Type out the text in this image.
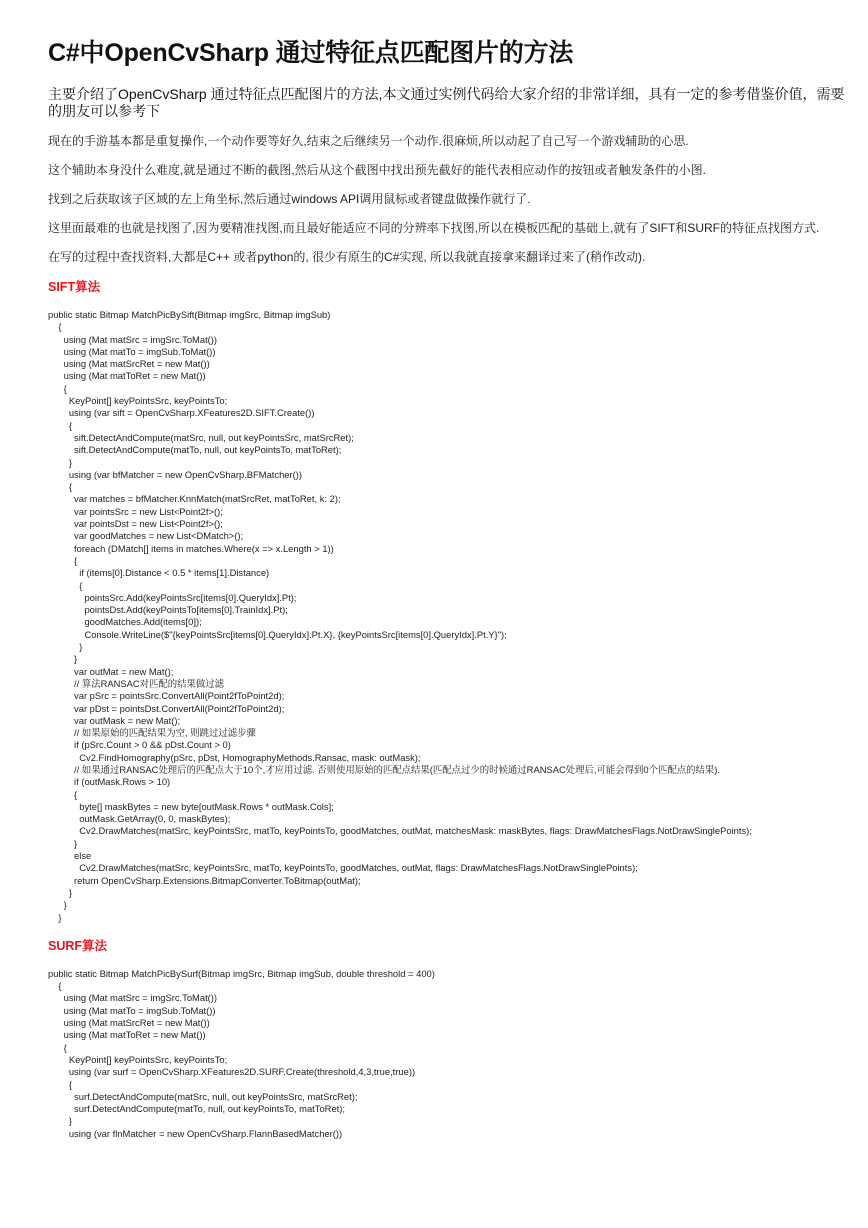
C#中OpenCvSharp 通过特征点匹配图片的方法
主要介绍了OpenCvSharp 通过特征点匹配图片的方法,本文通过实例代码给大家介绍的非常详细，具有一定的参考借鉴价值，需要的朋友可以参考下
现在的手游基本都是重复操作,一个动作要等好久,结束之后继续另一个动作.很麻烦,所以动起了自己写一个游戏辅助的心思.
这个辅助本身没什么难度,就是通过不断的截图,然后从这个截图中找出预先截好的能代表相应动作的按钮或者触发条件的小图.
找到之后获取该子区域的左上角坐标,然后通过windows API调用鼠标或者键盘做操作就行了.
这里面最难的也就是找图了,因为要精准找图,而且最好能适应不同的分辨率下找图,所以在模板匹配的基础上,就有了SIFT和SURF的特征点找图方式.
在写的过程中查找资料,大都是C++ 或者python的, 很少有原生的C#实现, 所以我就直接拿来翻译过来了(稍作改动).
SIFT算法
public static Bitmap MatchPicBySift(Bitmap imgSrc, Bitmap imgSub)
{
using (Mat matSrc = imgSrc.ToMat())
using (Mat matTo = imgSub.ToMat())
using (Mat matSrcRet = new Mat())
using (Mat matToRet = new Mat())
{
KeyPoint[] keyPointsSrc, keyPointsTo;
using (var sift = OpenCvSharp.XFeatures2D.SIFT.Create())
{
sift.DetectAndCompute(matSrc, null, out keyPointsSrc, matSrcRet);
sift.DetectAndCompute(matTo, null, out keyPointsTo, matToRet);
}
using (var bfMatcher = new OpenCvSharp.BFMatcher())
{
var matches = bfMatcher.KnnMatch(matSrcRet, matToRet, k: 2);
var pointsSrc = new List<Point2f>();
var pointsDst = new List<Point2f>();
var goodMatches = new List<DMatch>();
foreach (DMatch[] items in matches.Where(x => x.Length > 1))
{
if (items[0].Distance < 0.5 * items[1].Distance)
{
pointsSrc.Add(keyPointsSrc[items[0].QueryIdx].Pt);
pointsDst.Add(keyPointsTo[items[0].TrainIdx].Pt);
goodMatches.Add(items[0]);
Console.WriteLine($"{keyPointsSrc[items[0].QueryIdx].Pt.X}, {keyPointsSrc[items[0].QueryIdx].Pt.Y}");
}
}
var outMat = new Mat();
// 算法RANSAC对匹配的结果做过滤
var pSrc = pointsSrc.ConvertAll(Point2fToPoint2d);
var pDst = pointsDst.ConvertAll(Point2fToPoint2d);
var outMask = new Mat();
// 如果原始的匹配结果为空, 则跳过过滤步骤
if (pSrc.Count > 0 && pDst.Count > 0)
Cv2.FindHomography(pSrc, pDst, HomographyMethods.Ransac, mask: outMask);
// 如果通过RANSAC处理后的匹配点大于10个,才应用过滤. 否则使用原始的匹配点结果(匹配点过少的时候通过RANSAC处理后,可能会得到0个匹配点的结果).
if (outMask.Rows > 10)
{
byte[] maskBytes = new byte[outMask.Rows * outMask.Cols];
outMask.GetArray(0, 0, maskBytes);
Cv2.DrawMatches(matSrc, keyPointsSrc, matTo, keyPointsTo, goodMatches, outMat, matchesMask: maskBytes, flags: DrawMatchesFlags.NotDrawSinglePoints);
}
else
Cv2.DrawMatches(matSrc, keyPointsSrc, matTo, keyPointsTo, goodMatches, outMat, flags: DrawMatchesFlags.NotDrawSinglePoints);
return OpenCvSharp.Extensions.BitmapConverter.ToBitmap(outMat);
}
}
}
SURF算法
public static Bitmap MatchPicBySurf(Bitmap imgSrc, Bitmap imgSub, double threshold = 400)
{
using (Mat matSrc = imgSrc.ToMat())
using (Mat matTo = imgSub.ToMat())
using (Mat matSrcRet = new Mat())
using (Mat matToRet = new Mat())
{
KeyPoint[] keyPointsSrc, keyPointsTo;
using (var surf = OpenCvSharp.XFeatures2D.SURF.Create(threshold,4,3,true,true))
{
surf.DetectAndCompute(matSrc, null, out keyPointsSrc, matSrcRet);
surf.DetectAndCompute(matTo, null, out keyPointsTo, matToRet);
}
using (var flnMatcher = new OpenCvSharp.FlannBasedMatcher())
